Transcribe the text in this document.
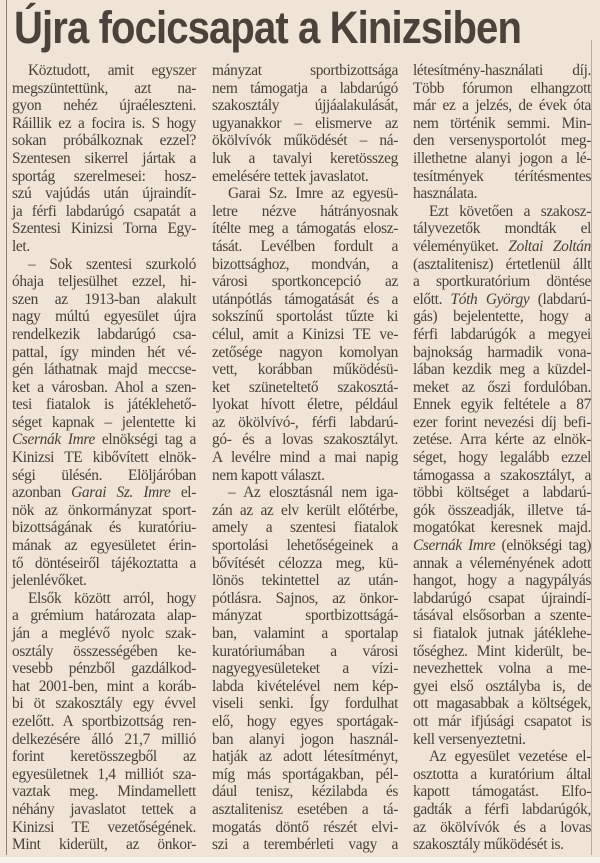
Újra focicsapat a Kinizsiben
Köztudott, amit egyszer
megszüntettünk, azt na-
gyon nehéz újraéleszteni.
Ráillik ez a focira is. S hogy
sokan próbálkoznak ezzel?
Szentesen sikerrel jártak a
sportág szerelmesei: hosz-
szú vajúdás után újraindít-
ja férfi labdarúgó csapatát a
Szentesi Kinizsi Torna Egy-
let.
– Sok szentesi szurkoló
óhaja teljesülhet ezzel, hi-
szen az 1913-ban alakult
nagy múltú egyesület újra
rendelkezik labdarúgó csa-
pattal, így minden hét vé-
gén láthatnak majd meccse-
ket a városban. Ahol a szen-
tesi fiatalok is játéklehető-
séget kapnak – jelentette ki
Csernák Imre elnökségi tag a
Kinizsi TE kibővített elnök-
ségi ülésén. Elöljáróban
azonban Garai Sz. Imre el-
nök az önkormányzat sport-
bizottságának és kuratóriu-
mának az egyesületet érin-
tő döntéseiről tájékoztatta a
jelenlévőket.
Elsők között arról, hogy
a grémium határozata alap-
ján a meglévő nyolc szak-
osztály összességében ke-
vesebb pénzből gazdálkod-
hat 2001-ben, mint a koráb-
bi öt szakosztály egy évvel
ezelőtt. A sportbizottság ren-
delkezésére álló 21,7 millió
forint keretösszegből az
egyesületnek 1,4 milliót sza-
vaztak meg. Mindamellett
néhány javaslatot tettek a
Kinizsi TE vezetőségének.
Mint kiderült, az önkor-
mányzat sportbizottsága
nem támogatja a labdarúgó
szakosztály újjáalakulását,
ugyanakkor – elismerve az
ökölvívók működését – ná-
luk a tavalyi keretösszeg
emelésére tettek javaslatot.
Garai Sz. Imre az egyesü-
letre nézve hátrányosnak
ítélte meg a támogatás elosz-
tását. Levélben fordult a
bizottsághoz, mondván, a
városi sportkoncepció az
utánpótlás támogatását és a
sokszínű sportolást tűzte ki
célul, amit a Kinizsi TE ve-
zetősége nagyon komolyan
vett, korábban működésü-
ket szüneteltető szakosztá-
lyokat hívott életre, például
az ökölvívó-, férfi labdarú-
gó- és a lovas szakosztályt.
A levélre mind a mai napig
nem kapott választ.
– Az elosztásnál nem iga-
zán az az elv került előtérbe,
amely a szentesi fiatalok
sportolási lehetőségeinek a
bővítését célozza meg, kü-
lönös tekintettel az után-
pótlásra. Sajnos, az önkor-
mányzat sportbizottságá-
ban, valamint a sportalap
kuratóriumában a városi
nagyegyesületeket a vízi-
labda kivételével nem kép-
viseli senki. Így fordulhat
elő, hogy egyes sportágak-
ban alanyi jogon használ-
hatják az adott létesítményt,
míg más sportágakban, pél-
dául tenisz, kézilabda és
asztalitenisz esetében a tá-
mogatás döntő részét elvi-
szi a terembérleti vagy a
létesítmény-használati díj.
Több fórumon elhangzott
már ez a jelzés, de évek óta
nem történik semmi. Min-
den versenysportolót meg-
illethetne alanyi jogon a lé-
tesítmények térítésmentes
használata.
Ezt követően a szakosz-
tályvezetők mondták el
véleményüket. Zoltai Zoltán
(asztalitenisz) értetlenül állt
a sportkuratórium döntése
előtt. Tóth György (labdarú-
gás) bejelentette, hogy a
férfi labdarúgók a megyei
bajnokság harmadik vona-
lában kezdik meg a küzdel-
meket az őszi fordulóban.
Ennek egyik feltétele a 87
ezer forint nevezési díj befi-
zetése. Arra kérte az elnök-
séget, hogy legalább ezzel
támogassa a szakosztályt, a
többi költséget a labdarú-
gók összeadják, illetve tá-
mogatókat keresnek majd.
Csernák Imre (elnökségi tag)
annak a véleményének adott
hangot, hogy a nagypályás
labdarúgó csapat újraindí-
tásával elsősorban a szente-
si fiatalok jutnak játéklehe-
tőséghez. Mint kiderült, be-
nevezhettek volna a me-
gyei első osztályba is, de
ott magasabbak a költségek,
ott már ifjúsági csapatot is
kell versenyeztetni.
Az egyesület vezetése el-
osztotta a kuratórium által
kapott támogatást. Elfo-
gadták a férfi labdarúgók,
az ökölvívók és a lovas
szakosztály működését is.
